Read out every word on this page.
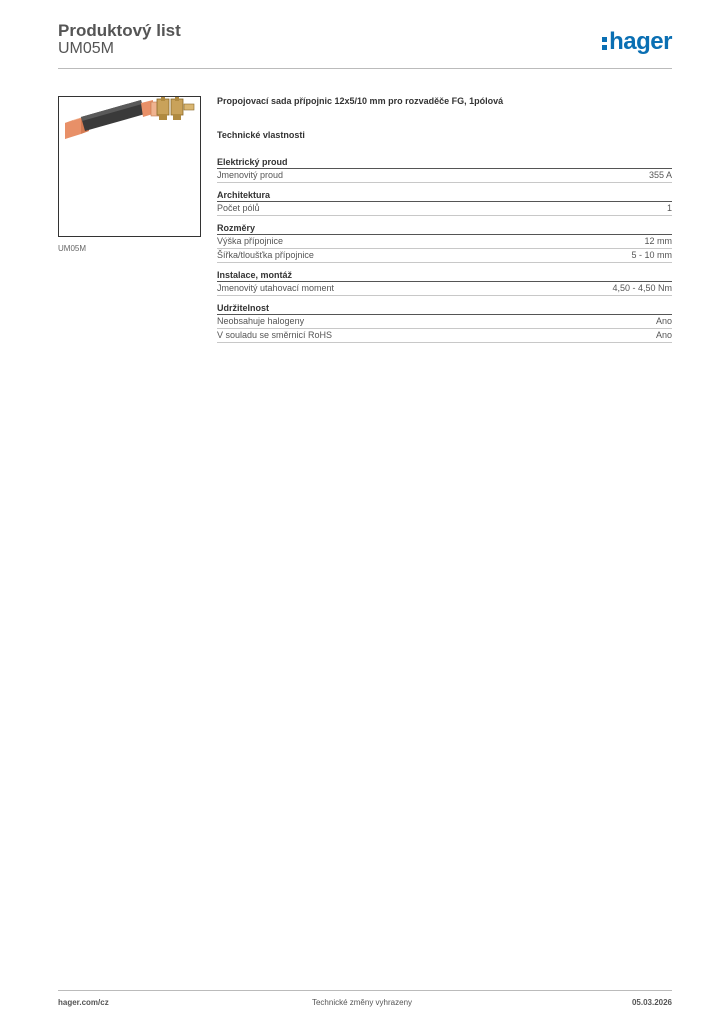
Produktový list
UM05M	hager
UM05M
Propojovací sada přípojnic 12x5/10 mm pro rozvaděče FG, 1pólová
Technické vlastnosti
Elektrický proud
Jmenovitý proud	355 A
Architektura
Počet pólů	1
Rozměry
Výška přípojnice	12 mm
Šířka/tloušťka přípojnice	5 - 10 mm
Instalace, montáž
Jmenovitý utahovací moment	4,50 - 4,50 Nm
Udržitelnost
Neobsahuje halogeny	Ano
V souladu se směrnicí RoHS	Ano
hager.com/cz	Technické změny vyhrazeny	05.03.2026
